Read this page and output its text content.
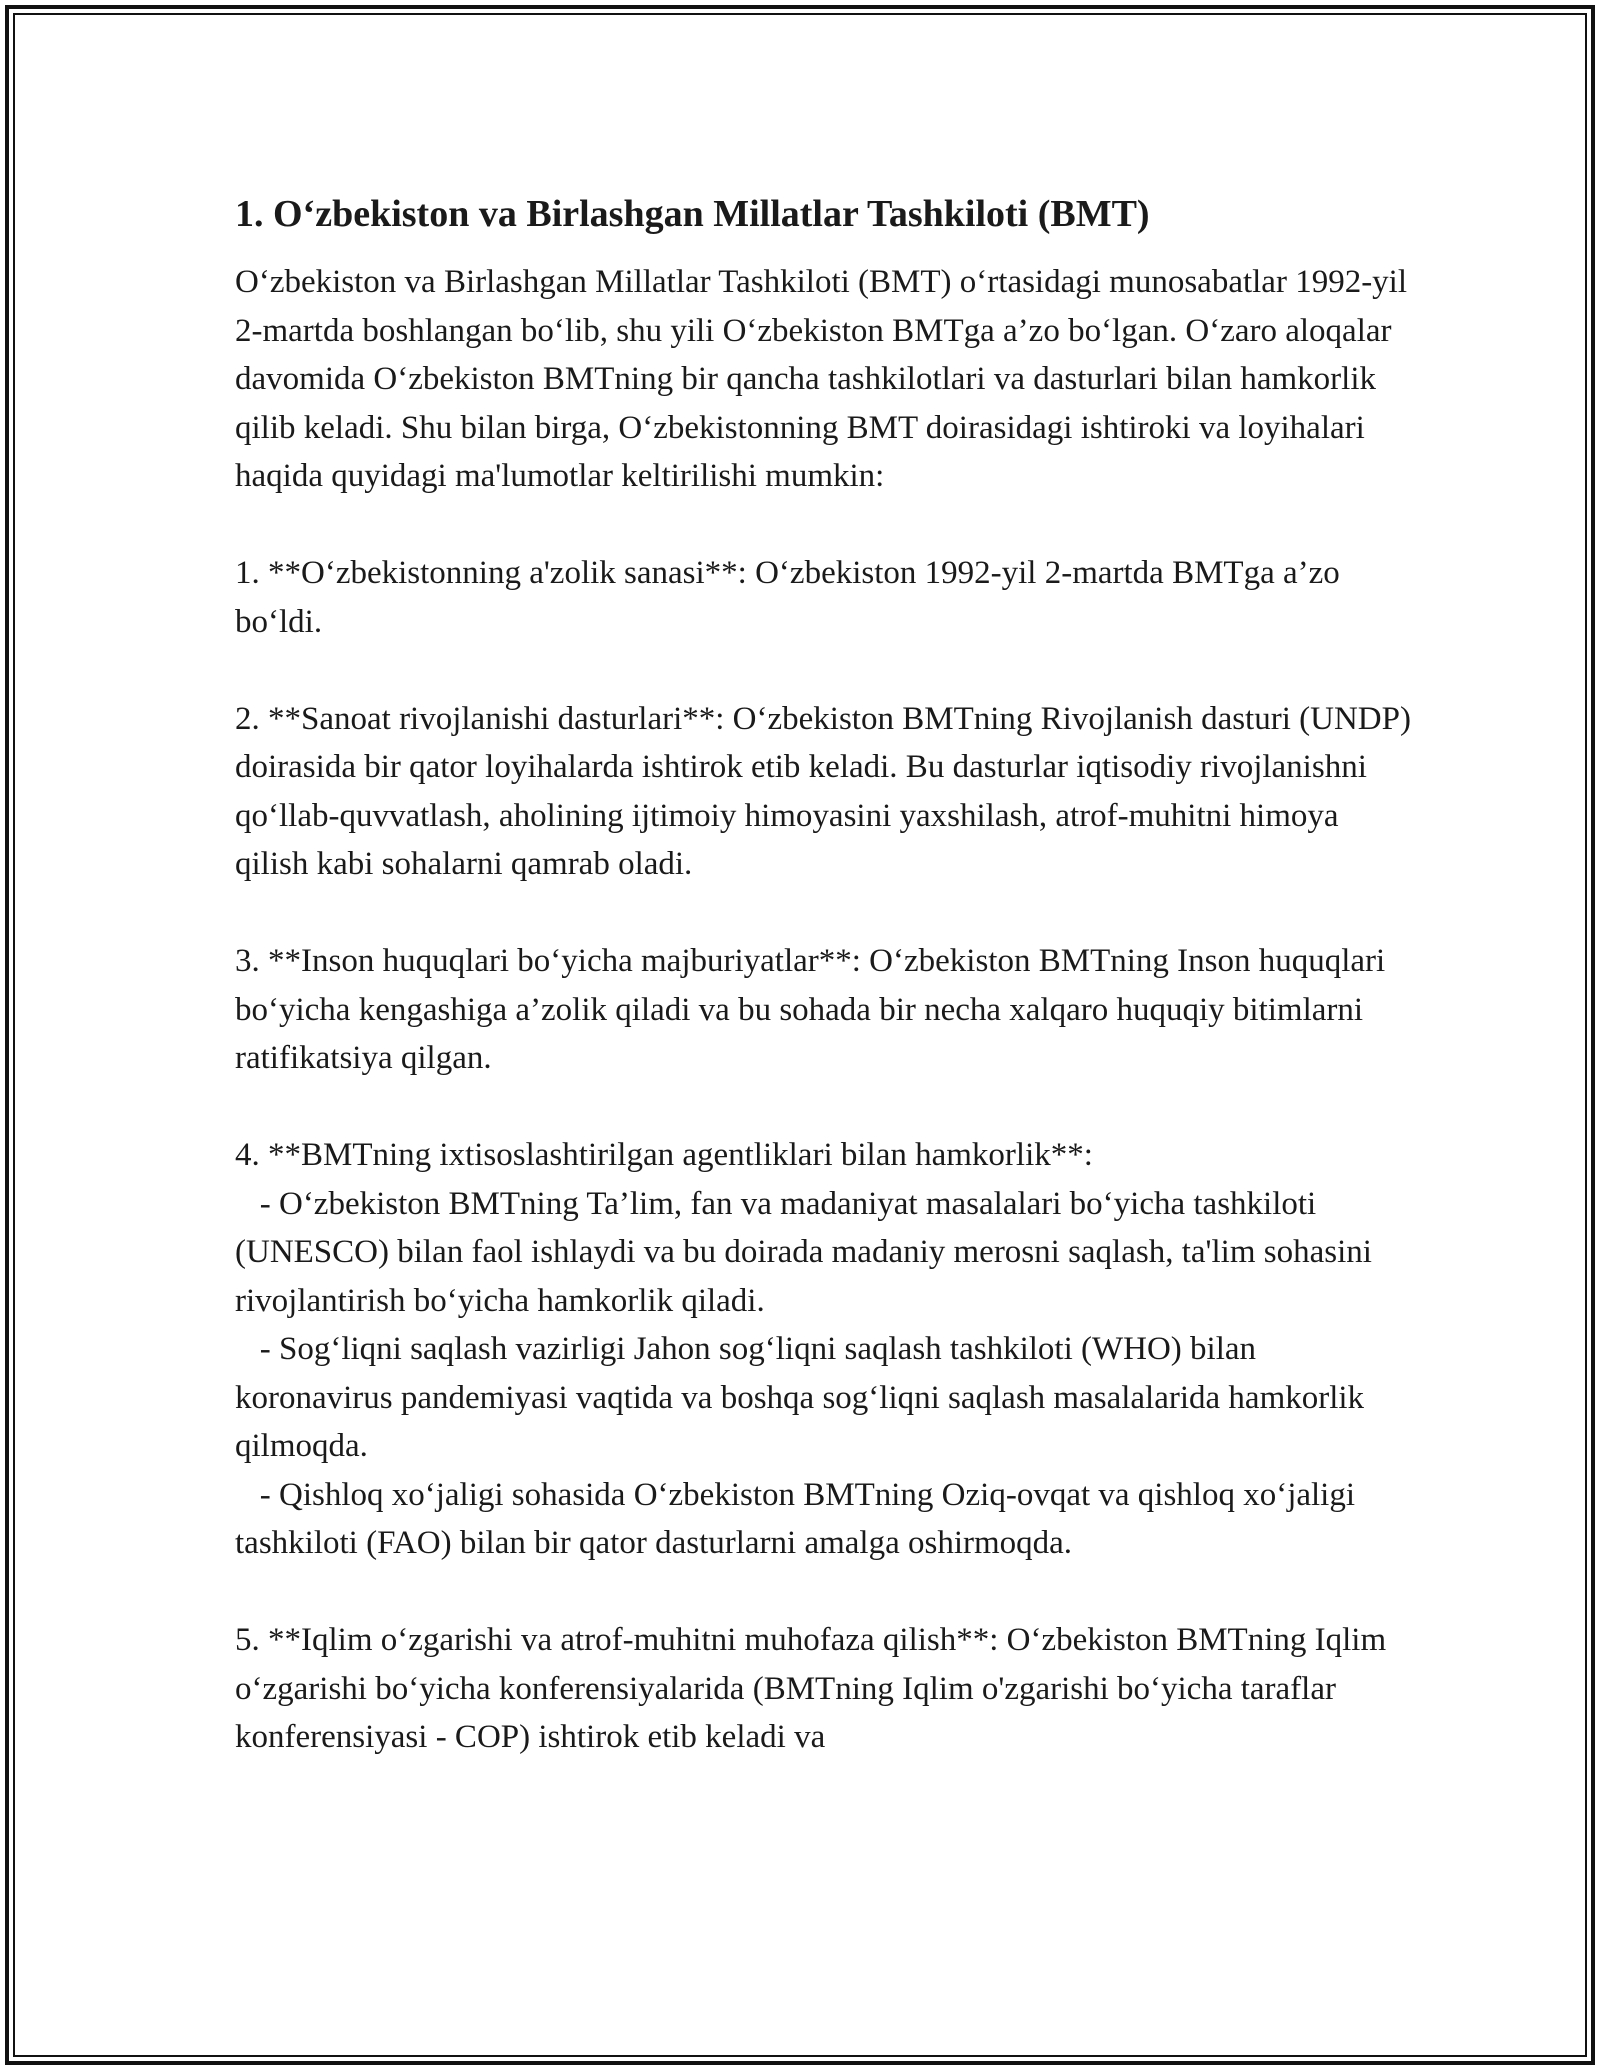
1. O‘zbekiston va Birlashgan Millatlar Tashkiloti (BMT)

O‘zbekiston va Birlashgan Millatlar Tashkiloti (BMT) o‘rtasidagi munosabatlar 1992-yil 2-martda boshlangan bo‘lib, shu yili O‘zbekiston BMTga a’zo bo‘lgan. O‘zaro aloqalar davomida O‘zbekiston BMTning bir qancha tashkilotlari va dasturlari bilan hamkorlik qilib keladi. Shu bilan birga, O‘zbekistonning BMT doirasidagi ishtiroki va loyihalari haqida quyidagi ma'lumotlar keltirilishi mumkin:

1. **O‘zbekistonning a'zolik sanasi**: O‘zbekiston 1992-yil 2-martda BMTga a’zo bo‘ldi.

2. **Sanoat rivojlanishi dasturlari**: O‘zbekiston BMTning Rivojlanish dasturi (UNDP) doirasida bir qator loyihalarda ishtirok etib keladi. Bu dasturlar iqtisodiy rivojlanishni qo‘llab-quvvatlash, aholining ijtimoiy himoyasini yaxshilash, atrof-muhitni himoya qilish kabi sohalarni qamrab oladi.

3. **Inson huquqlari bo‘yicha majburiyatlar**: O‘zbekiston BMTning Inson huquqlari bo‘yicha kengashiga a’zolik qiladi va bu sohada bir necha xalqaro huquqiy bitimlarni ratifikatsiya qilgan.

4. **BMTning ixtisoslashtirilgan agentliklari bilan hamkorlik**:

- O‘zbekiston BMTning Ta’lim, fan va madaniyat masalalari bo‘yicha tashkiloti (UNESCO) bilan faol ishlaydi va bu doirada madaniy merosni saqlash, ta'lim sohasini rivojlantirish bo‘yicha hamkorlik qiladi.

- Sog‘liqni saqlash vazirligi Jahon sog‘liqni saqlash tashkiloti (WHO) bilan koronavirus pandemiyasi vaqtida va boshqa sog‘liqni saqlash masalalarida hamkorlik qilmoqda.

- Qishloq xo‘jaligi sohasida O‘zbekiston BMTning Oziq-ovqat va qishloq xo‘jaligi tashkiloti (FAO) bilan bir qator dasturlarni amalga oshirmoqda.

5. **Iqlim o‘zgarishi va atrof-muhitni muhofaza qilish**: O‘zbekiston BMTning Iqlim o‘zgarishi bo‘yicha konferensiyalarida (BMTning Iqlim o'zgarishi bo‘yicha taraflar konferensiyasi - COP) ishtirok etib keladi va
